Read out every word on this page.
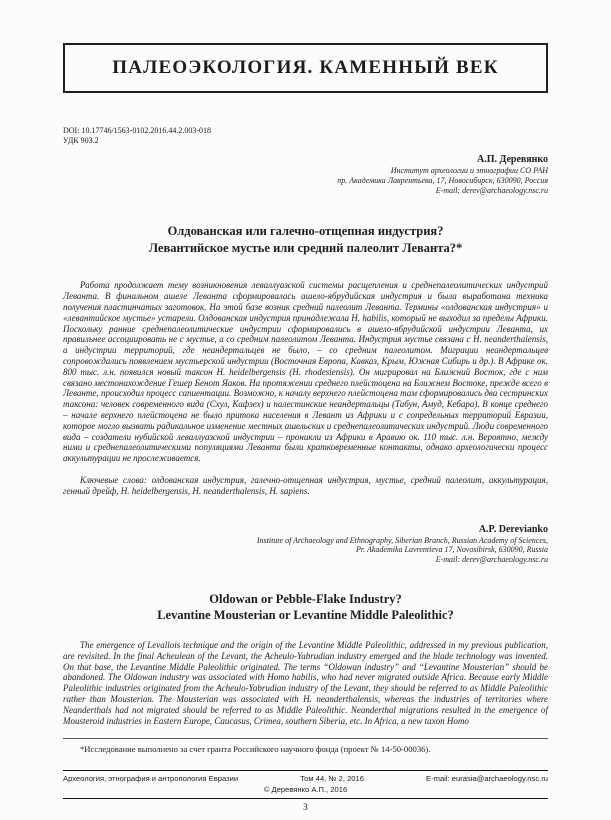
ПАЛЕОЭКОЛОГИЯ. КАМЕННЫЙ ВЕК
DOI: 10.17746/1563-0102.2016.44.2.003-018
УДК 903.2
А.П. Деревянко
Институт археологии и этнографии СО РАН
пр. Академика Лаврентьева, 17, Новосибирск, 630090, Россия
E-mail: derev@archaeology.nsc.ru
Олдованская или галечно-отщепная индустрия?
Левантийское мустье или средний палеолит Леванта?*

Работа продолжает тему возникновения леваллуазской системы расщепления и среднепалеолитических индустрий Леванта. В финальном ашеле Леванта сформировалась ашело-ябрудийская индустрия и была выработана техника получения пластинчатых заготовок. На этой базе возник средний палеолит Леванта. Термины «олдованская индустрия» и «левантийское мустье» устарели. Олдованская индустрия принадлежала H. habilis, который не выходил за пределы Африки. Поскольку ранние среднепалеолитические индустрии сформировались в ашело-ябрудийской индустрии Леванта, их правильнее ассоциировать не с мустье, а со средним палеолитом Леванта. Индустрия мустье связана с H. neanderthalensis, а индустрии территорий, где неандертальцев не было, – со средним палеолитом. Миграции неандертальцев сопровождались появлением мустьерской индустрии (Восточная Европа, Кавказ, Крым, Южная Сибирь и др.). В Африке ок. 800 тыс. л.н. появился новый таксон H. heidelbergensis (H. rhodesiensis). Он мигрировал на Ближний Восток, где с ним связано местонахождение Гешер Бенот Яаков. На протяжении среднего плейстоцена на Ближнем Востоке, прежде всего в Леванте, происходил процесс сапиентации. Возможно, к началу верхнего плейстоцена там сформировались два сестринских таксона: человек современного вида (Схул, Кафзех) и палестинские неандертальцы (Табун, Амуд, Кебара). В конце среднего – начале верхнего плейстоцена не было притока населения в Левант из Африки и с сопредельных территорий Евразии, которое могло вызвать радикальное изменение местных ашельских и среднепалеолитических индустрий. Люди современного вида – создатели нубийской леваллуазской индустрии – проникли из Африки в Аравию ок. 110 тыс. л.н. Вероятно, между ними и среднепалеолитическими популяциями Леванта были кратковременные контакты, однако археологически процесс аккультурации не прослеживается.

Ключевые слова: олдованская индустрия, галечно-отщепная индустрия, мустье, средний палеолит, аккультурация, генный дрейф, H. heidelbergensis, H. neanderthalensis, H. sapiens.

A.P. Derevianko
Institute of Archaeology and Ethnography, Siberian Branch, Russian Academy of Sciences,
Pr. Akademika Lavrentieva 17, Novosibirsk, 630090, Russia
E-mail: derev@archaeology.nsc.ru
Oldowan or Pebble-Flake Industry?
Levantine Mousterian or Levantine Middle Paleolithic?

The emergence of Levallois technique and the origin of the Levantine Middle Paleolithic, addressed in my previous publication, are revisited. In the final Acheulean of the Levant, the Acheulo-Yabrudian industry emerged and the blade technology was invented. On that base, the Levantine Middle Paleolithic originated. The terms “Oldowan industry” and “Levantine Mousterian” should be abandoned. The Oldowan industry was associated with Homo habilis, who had never migrated outside Africa. Because early Middle Paleolithic industries originated from the Acheulo-Yabrudian industry of the Levant, they should be referred to as Middle Paleolithic rather than Mousterian. The Mousterian was associated with H. neanderthalensis, whereas the industries of territories where Neanderthals had not migrated should be referred to as Middle Paleolithic. Neanderthal migrations resulted in the emergence of Mousteroid industries in Eastern Europe, Caucasus, Crimea, southern Siberia, etc. In Africa, a new taxon Homo

*Исследование выполнено за счет гранта Российского научного фонда (проект № 14-50-00036).
Археология, этнография и антропология Евразии	Том 44, № 2, 2016	E-mail: eurasia@archaeology.nsc.ru
© Деревянко А.П., 2016
3
